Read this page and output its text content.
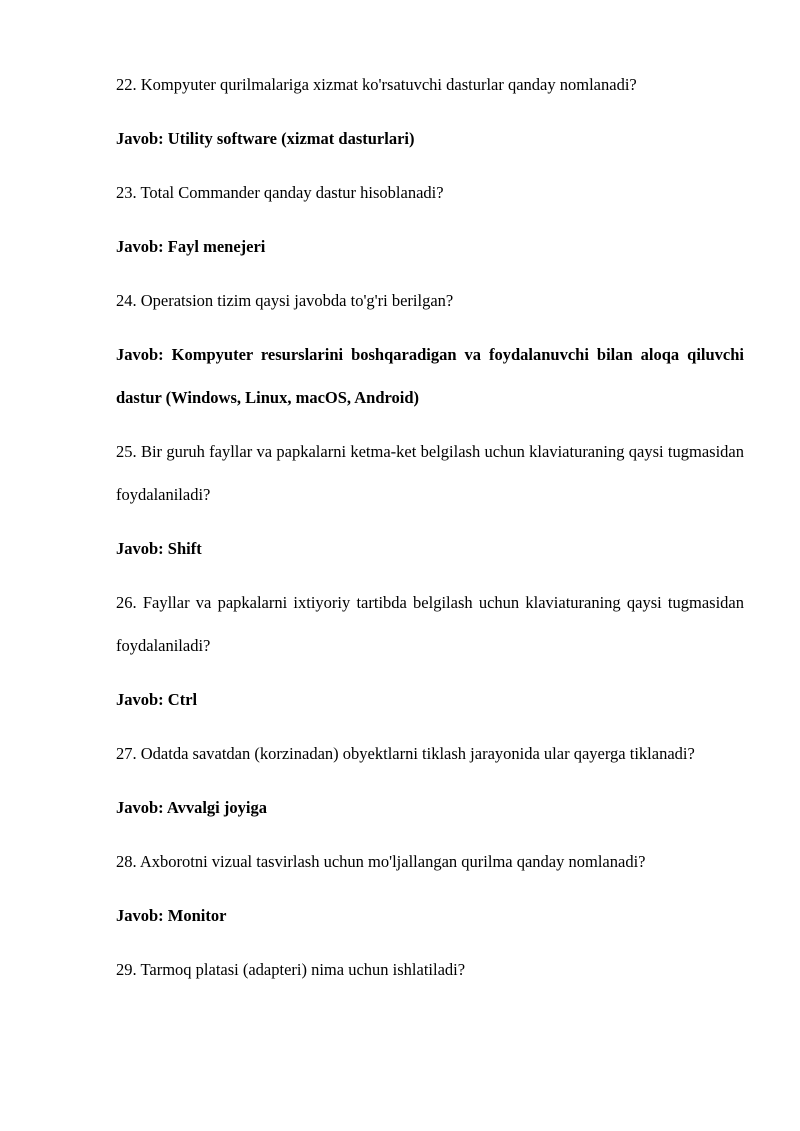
22. Kompyuter qurilmalariga xizmat ko'rsatuvchi dasturlar qanday nomlanadi?

Javob: Utility software (xizmat dasturlari)

23. Total Commander qanday dastur hisoblanadi?

Javob: Fayl menejeri

24. Operatsion tizim qaysi javobda to'g'ri berilgan?

Javob: Kompyuter resurslarini boshqaradigan va foydalanuvchi bilan aloqa qiluvchi dastur (Windows, Linux, macOS, Android)

25. Bir guruh fayllar va papkalarni ketma-ket belgilash uchun klaviaturaning qaysi tugmasidan foydalaniladi?

Javob: Shift

26. Fayllar va papkalarni ixtiyoriy tartibda belgilash uchun klaviaturaning qaysi tugmasidan foydalaniladi?

Javob: Ctrl

27. Odatda savatdan (korzinadan) obyektlarni tiklash jarayonida ular qayerga tiklanadi?

Javob: Avvalgi joyiga

28. Axborotni vizual tasvirlash uchun mo'ljallangan qurilma qanday nomlanadi?

Javob: Monitor

29. Tarmoq platasi (adapteri) nima uchun ishlatiladi?
